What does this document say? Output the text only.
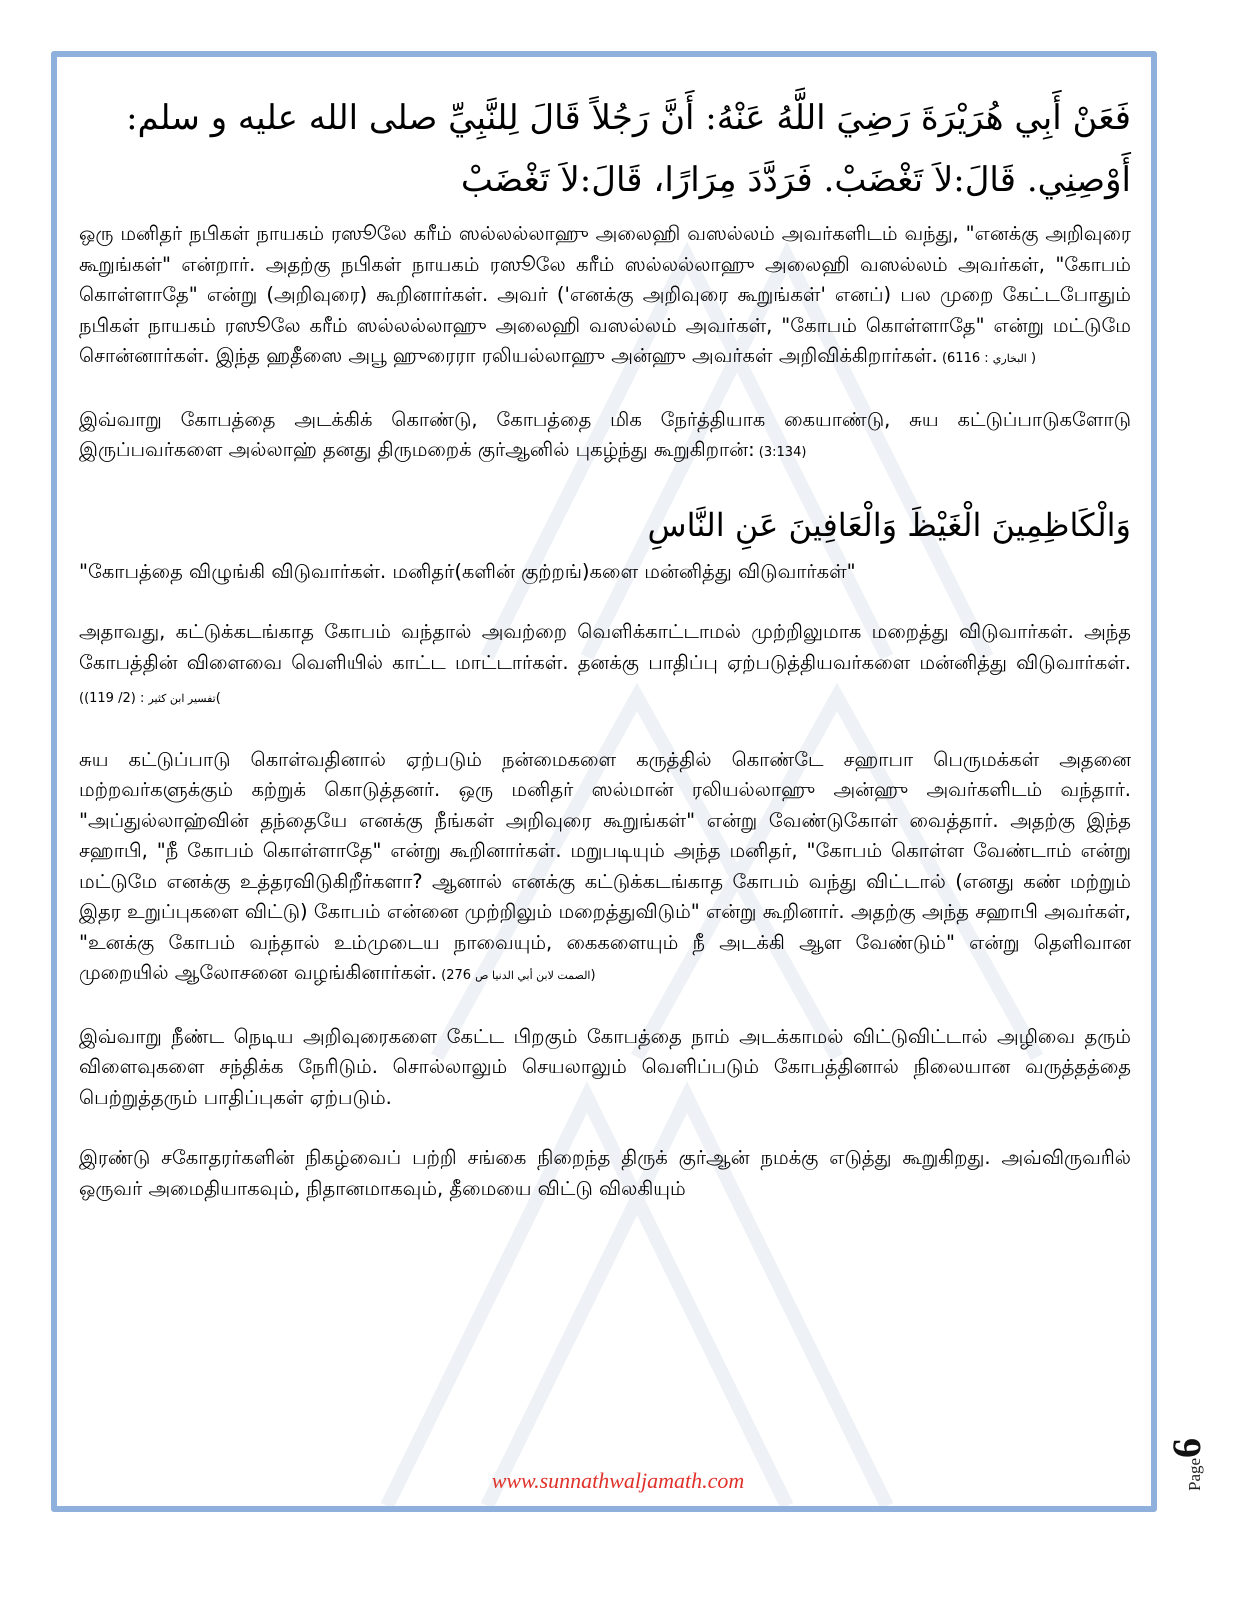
فَعَنْ أَبِي هُرَيْرَةَ رَضِيَ اللَّهُ عَنْهُ: أَنَّ رَجُلاً قَالَ لِلنَّبِيِّ صلى الله عليه و سلم: أَوْصِنِي. قَالَ:لاَ تَغْضَبْ. فَرَدَّدَ مِرَارًا، قَالَ:لاَ تَغْضَبْ

ஒரு மனிதர் நபிகள் நாயகம் ரஸூலே கரீம் ஸல்லல்லாஹு அலைஹி வஸல்லம் அவர்களிடம் வந்து, "எனக்கு அறிவுரை கூறுங்கள்" என்றார். அதற்கு நபிகள் நாயகம் ரஸூலே கரீம் ஸல்லல்லாஹு அலைஹி வஸல்லம் அவர்கள், "கோபம் கொள்ளாதே" என்று (அறிவுரை) கூறினார்கள். அவர் ('எனக்கு அறிவுரை கூறுங்கள்' எனப்) பல முறை கேட்டபோதும் நபிகள் நாயகம் ரஸூலே கரீம் ஸல்லல்லாஹு அலைஹி வஸல்லம் அவர்கள், "கோபம் கொள்ளாதே" என்று மட்டுமே சொன்னார்கள். இந்த ஹதீஸை அபூ ஹுரைரா ரலியல்லாஹு அன்ஹு அவர்கள் அறிவிக்கிறார்கள். (6116 : البخاري )

இவ்வாறு கோபத்தை அடக்கிக் கொண்டு, கோபத்தை மிக நேர்த்தியாக கையாண்டு, சுய கட்டுப்பாடுகளோடு இருப்பவர்களை அல்லாஹ் தனது திருமறைக் குர்ஆனில் புகழ்ந்து கூறுகிறான்: (3:134)

وَالْكَاظِمِينَ الْغَيْظَ وَالْعَافِينَ عَنِ النَّاسِ

"கோபத்தை விழுங்கி விடுவார்கள். மனிதர்(களின் குற்றங்)களை மன்னித்து விடுவார்கள்"

அதாவது, கட்டுக்கடங்காத கோபம் வந்தால் அவற்றை வெளிக்காட்டாமல் முற்றிலுமாக மறைத்து விடுவார்கள். அந்த கோபத்தின் விளைவை வெளியில் காட்ட மாட்டார்கள். தனக்கு பாதிப்பு ஏற்படுத்தியவர்களை மன்னித்து விடுவார்கள். ((119 /2) : تفسير ابن كثير(

சுய கட்டுப்பாடு கொள்வதினால் ஏற்படும் நன்மைகளை கருத்தில் கொண்டே சஹாபா பெருமக்கள் அதனை மற்றவர்களுக்கும் கற்றுக் கொடுத்தனர். ஒரு மனிதர் ஸல்மான் ரலியல்லாஹு அன்ஹு அவர்களிடம் வந்தார். "அப்துல்லாஹ்வின் தந்தையே எனக்கு நீங்கள் அறிவுரை கூறுங்கள்" என்று வேண்டுகோள் வைத்தார். அதற்கு இந்த சஹாபி, "நீ கோபம் கொள்ளாதே" என்று கூறினார்கள். மறுபடியும் அந்த மனிதர், "கோபம் கொள்ள வேண்டாம் என்று மட்டுமே எனக்கு உத்தரவிடுகிறீர்களா? ஆனால் எனக்கு கட்டுக்கடங்காத கோபம் வந்து விட்டால் (எனது கண் மற்றும் இதர உறுப்புகளை விட்டு) கோபம் என்னை முற்றிலும் மறைத்துவிடும்" என்று கூறினார். அதற்கு அந்த சஹாபி அவர்கள், "உனக்கு கோபம் வந்தால் உம்முடைய நாவையும், கைகளையும் நீ அடக்கி ஆள வேண்டும்" என்று தெளிவான முறையில் ஆலோசனை வழங்கினார்கள். (	الصمت لابن أبي الدنيا ص 276)

இவ்வாறு நீண்ட நெடிய அறிவுரைகளை கேட்ட பிறகும் கோபத்தை நாம் அடக்காமல் விட்டுவிட்டால் அழிவை தரும் விளைவுகளை சந்திக்க நேரிடும். சொல்லாலும் செயலாலும் வெளிப்படும் கோபத்தினால் நிலையான வருத்தத்தை பெற்றுத்தரும் பாதிப்புகள் ஏற்படும்.

இரண்டு சகோதரர்களின் நிகழ்வைப் பற்றி சங்கை நிறைந்த திருக் குர்ஆன் நமக்கு எடுத்து கூறுகிறது. அவ்விருவரில் ஒருவர் அமைதியாகவும், நிதானமாகவும், தீமையை விட்டு விலகியும்

www.sunnathwaljamath.com	Page6
